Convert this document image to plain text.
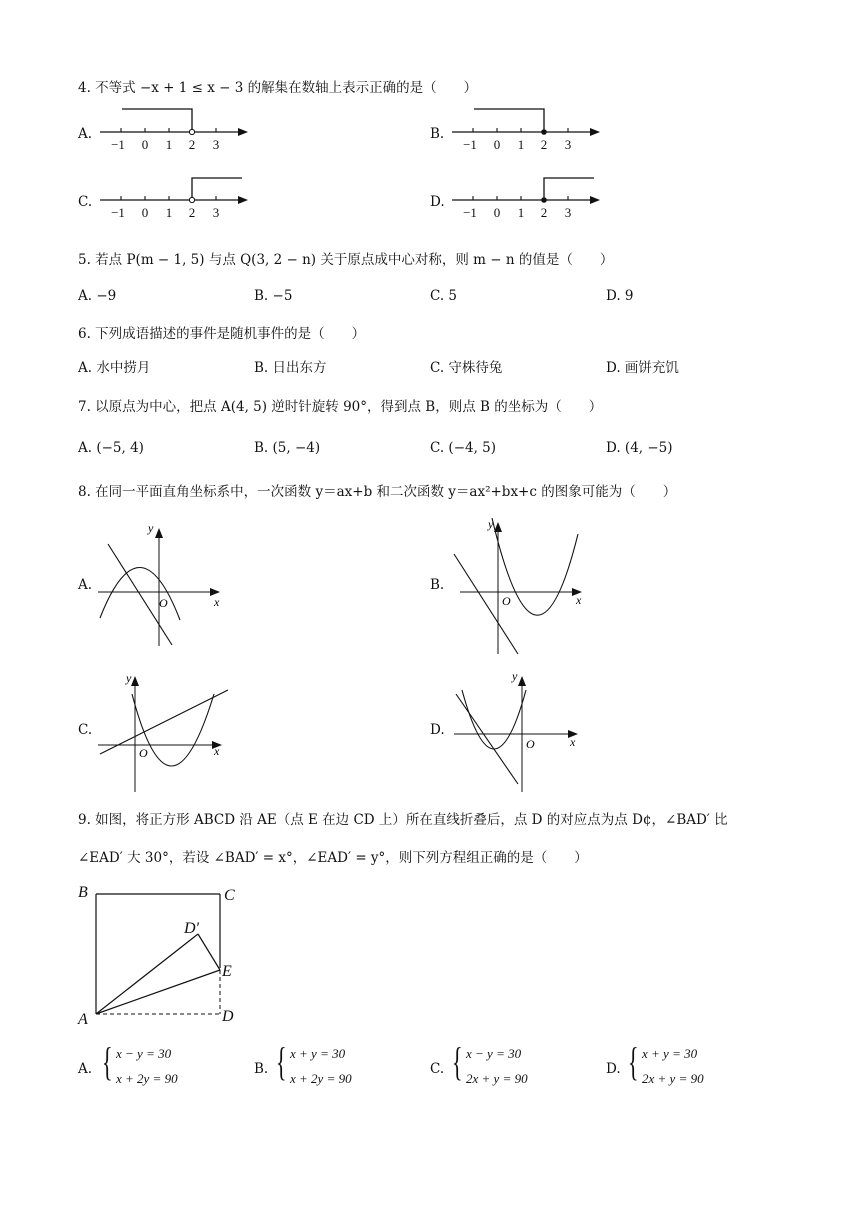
4. 不等式 −x + 1 ≤ x − 3 的解集在数轴上表示正确的是（　　）
A.
−1 0 1 2 3
B.
−1 0 1 2 3
C.
−1 0 1 2 3
D.
−1 0 1 2 3
5. 若点 P(m − 1, 5) 与点 Q(3, 2 − n) 关于原点成中心对称，则 m − n 的值是（　　）
A. −9	B. −5	C. 5	D. 9
6. 下列成语描述的事件是随机事件的是（　　）
A. 水中捞月	B. 日出东方	C. 守株待兔	D. 画饼充饥
7. 以原点为中心，把点 A(4, 5) 逆时针旋转 90°，得到点 B，则点 B 的坐标为（　　）
A. (−5, 4)	B. (5, −4)	C. (−4, 5)	D. (4, −5)
8. 在同一平面直角坐标系中，一次函数 y＝ax+b 和二次函数 y＝ax²+bx+c 的图象可能为（　　）
A.
y
x
O
B.
y
x
O
C.
y
x
O
D.
y
x
O
9. 如图，将正方形 ABCD 沿 AE（点 E 在边 CD 上）所在直线折叠后，点 D 的对应点为点 D¢，∠BAD′ 比
∠EAD′ 大 30°，若设 ∠BAD′ = x°，∠EAD′ = y°，则下列方程组正确的是（　　）
B	C
D′
E
A	D
A. { x − y = 30
x + 2y = 90
B. { x + y = 30
x + 2y = 90
C. { x − y = 30
2x + y = 90
D. { x + y = 30
2x + y = 90
